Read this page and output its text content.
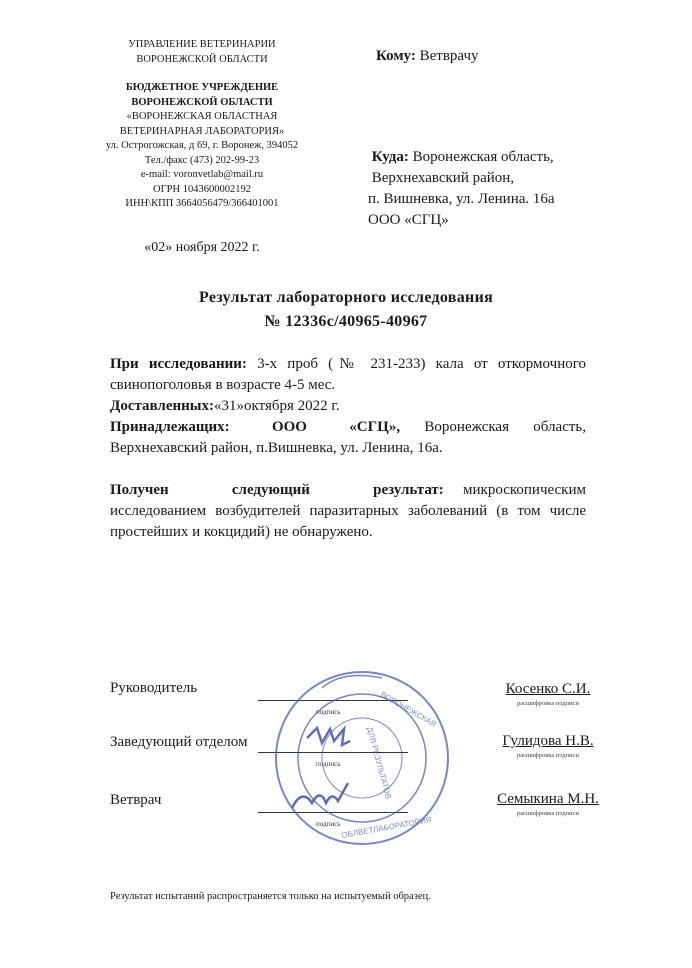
УПРАВЛЕНИЕ ВЕТЕРИНАРИИ
ВОРОНЕЖСКОЙ ОБЛАСТИ
БЮДЖЕТНОЕ УЧРЕЖДЕНИЕ
ВОРОНЕЖСКОЙ ОБЛАСТИ
«ВОРОНЕЖСКАЯ ОБЛАСТНАЯ
ВЕТЕРИНАРНАЯ ЛАБОРАТОРИЯ»
ул. Острогожская, д 69, г. Воронеж, 394052
Тел./факс (473) 202-99-23
e-mail: voronvetlab@mail.ru
ОГРН 1043600002192
ИНН\КПП 3664056479/366401001
«02» ноября 2022 г.
Кому: Ветврачу
Куда: Воронежская область,
Верхнехавский район,
п. Вишневка, ул. Ленина. 16а
ООО «СГЦ»
Результат лабораторного исследования
№ 12336с/40965-40967

При исследовании: 3-х проб (№ 231-233) кала от откормочного свинопоголовья в возрасте 4-5 мес.

Доставленных:«31»октября 2022 г.

Принадлежащих: ООО «СГЦ», Воронежская область, Верхнехавский район, п.Вишневка, ул. Ленина, 16а.

Получен следующий результат: микроскопическим исследованием возбудителей паразитарных заболеваний (в том числе простейших и кокцидий) не обнаружено.

Руководитель
Заведующий отделом
Ветврач
подпись
подпись
подпись
Косенко С.И.
расшифровка подписи
Гулидова Н.В.
расшифровка подписи
Семыкина М.Н.
расшифровка подписи
ВОРОНЕЖСКАЯ
ОБЛВЕТЛАБОРАТОРИЯ
ДЛЯ РЕЗУЛЬТАТОВ
Результат испытаний распространяется только на испытуемый образец.
